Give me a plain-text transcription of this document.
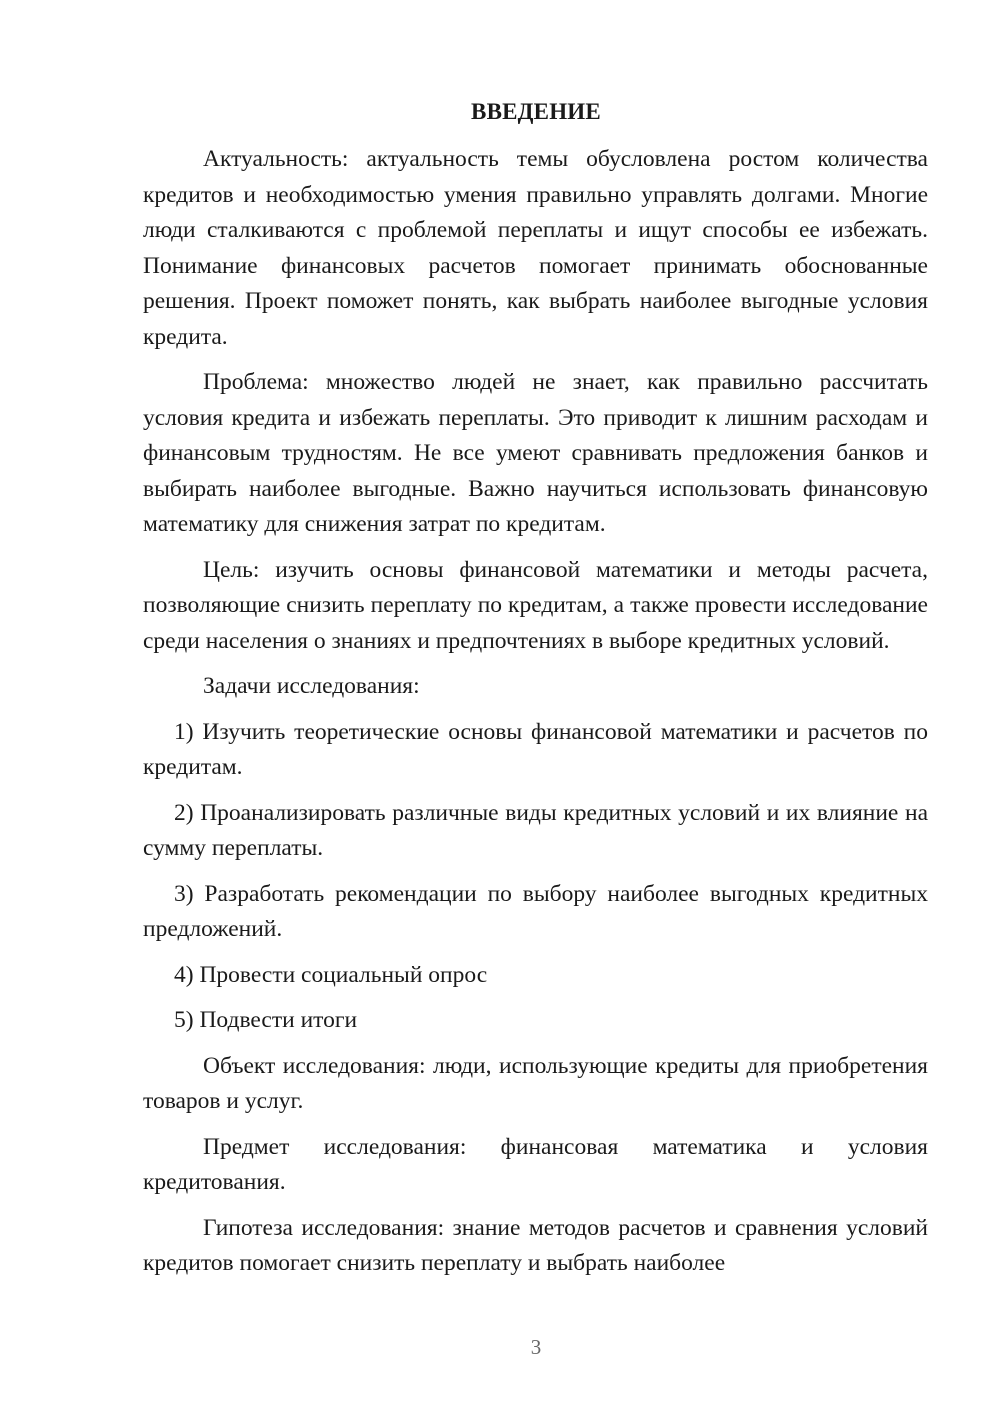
ВВЕДЕНИЕ

Актуальность: актуальность темы обусловлена ростом количества кредитов и необходимостью умения правильно управлять долгами. Многие люди сталкиваются с проблемой переплаты и ищут способы ее избежать. Понимание финансовых расчетов помогает принимать обоснованные решения. Проект поможет понять, как выбрать наиболее выгодные условия кредита.

Проблема: множество людей не знает, как правильно рассчитать условия кредита и избежать переплаты. Это приводит к лишним расходам и финансовым трудностям. Не все умеют сравнивать предложения банков и выбирать наиболее выгодные. Важно научиться использовать финансовую математику для снижения затрат по кредитам.

Цель: изучить основы финансовой математики и методы расчета, позволяющие снизить переплату по кредитам, а также провести исследование среди населения о знаниях и предпочтениях в выборе кредитных условий.

Задачи исследования:

1) Изучить теоретические основы финансовой математики и расчетов по кредитам.

2) Проанализировать различные виды кредитных условий и их влияние на сумму переплаты.

3) Разработать рекомендации по выбору наиболее выгодных кредитных предложений.

4) Провести социальный опрос

5) Подвести итоги

Объект исследования: люди, использующие кредиты для приобретения товаров и услуг.

Предмет исследования: финансовая математика и условия кредитования.

Гипотеза исследования: знание методов расчетов и сравнения условий кредитов помогает снизить переплату и выбрать наиболее

3
